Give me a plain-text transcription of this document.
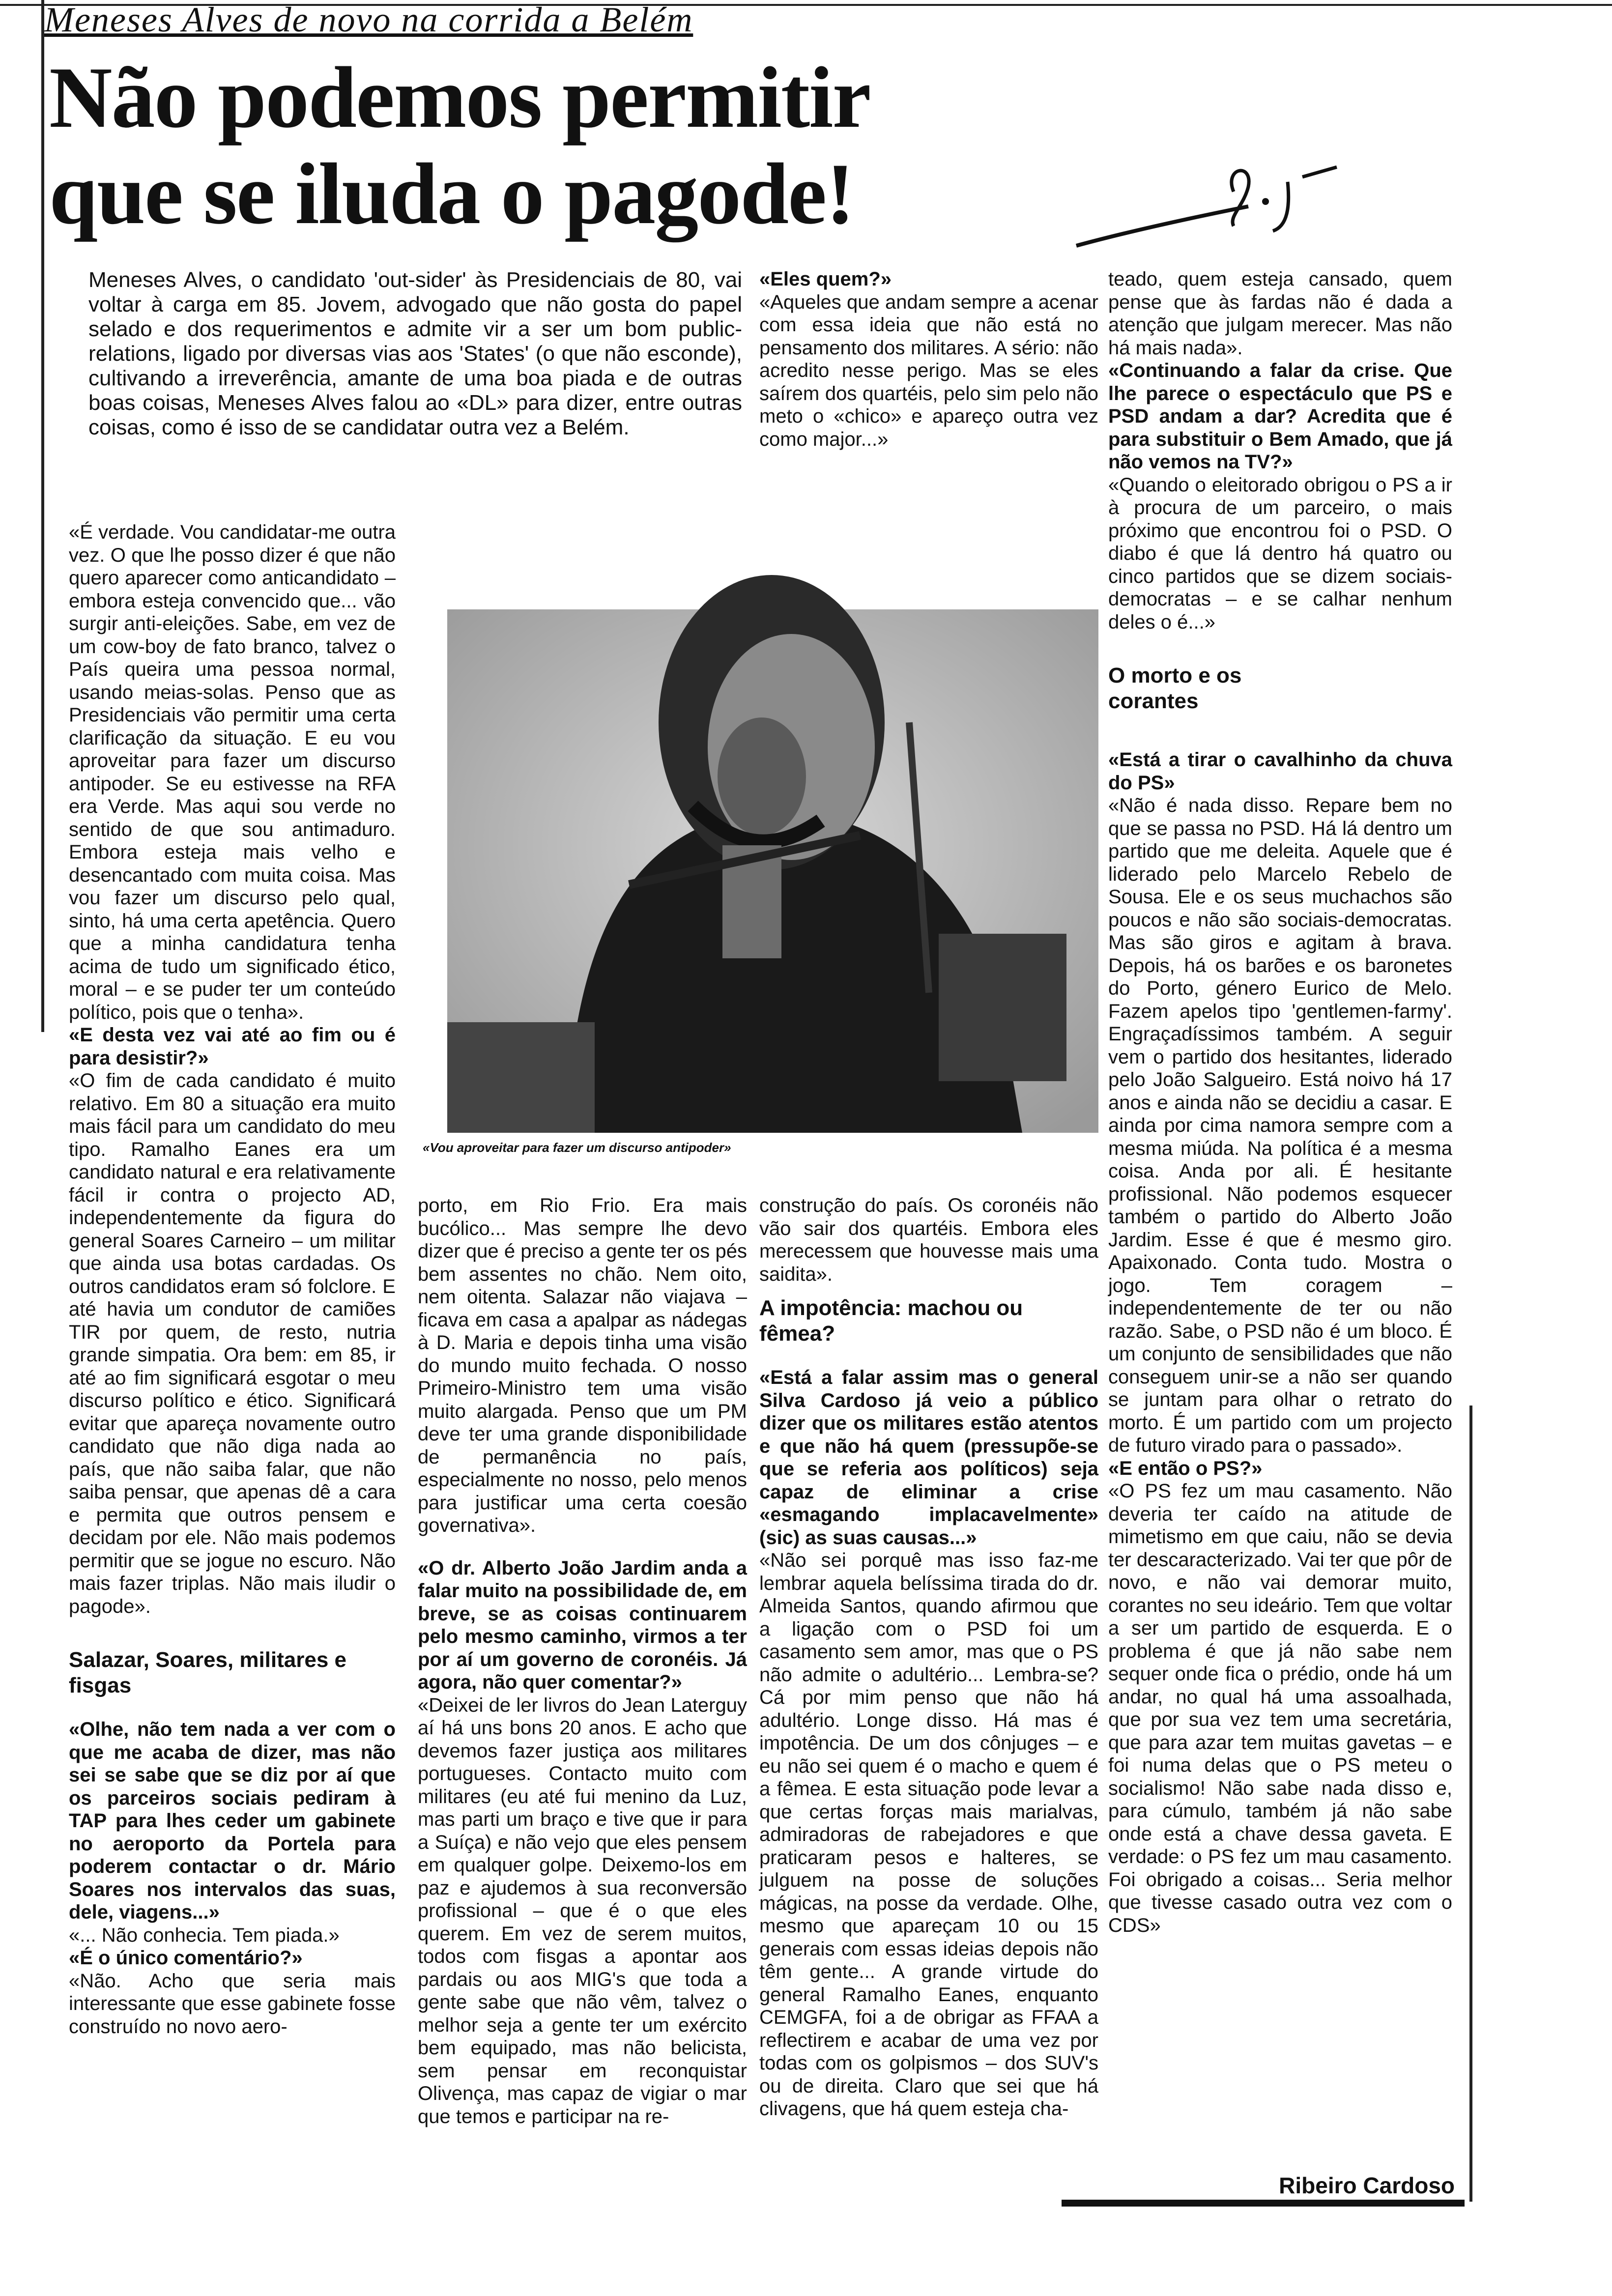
Meneses Alves de novo na corrida a Belém
Não podemos permitir
que se iluda o pagode!
Meneses Alves, o candidato 'out-sider' às Presidenciais de 80, vai voltar à carga em 85. Jovem, advogado que não gosta do papel selado e dos requerimentos e admite vir a ser um bom public-relations, ligado por diversas vias aos 'States' (o que não esconde), cultivando a irreverência, amante de uma boa piada e de outras boas coisas, Meneses Alves falou ao «DL» para dizer, entre outras coisas, como é isso de se candidatar outra vez a Belém.

«É verdade. Vou candidatar-me outra vez. O que lhe posso dizer é que não quero aparecer como anticandidato – embora esteja convencido que... vão surgir anti-eleições. Sabe, em vez de um cow-boy de fato branco, talvez o País queira uma pessoa normal, usando meias-solas. Penso que as Presidenciais vão permitir uma certa clarificação da situação. E eu vou aproveitar para fazer um discurso antipoder. Se eu estivesse na RFA era Verde. Mas aqui sou verde no sentido de que sou antimaduro. Embora esteja mais velho e desencantado com muita coisa. Mas vou fazer um discurso pelo qual, sinto, há uma certa apetência. Quero que a minha candidatura tenha acima de tudo um significado ético, moral – e se puder ter um conteúdo político, pois que o tenha».

«E desta vez vai até ao fim ou é para desistir?»

«O fim de cada candidato é muito relativo. Em 80 a situação era muito mais fácil para um candidato do meu tipo. Ramalho Eanes era um candidato natural e era relativamente fácil ir contra o projecto AD, independentemente da figura do general Soares Carneiro – um militar que ainda usa botas cardadas. Os outros candidatos eram só folclore. E até havia um condutor de camiões TIR por quem, de resto, nutria grande simpatia. Ora bem: em 85, ir até ao fim significará esgotar o meu discurso político e ético. Significará evitar que apareça novamente outro candidato que não diga nada ao país, que não saiba falar, que não saiba pensar, que apenas dê a cara e permita que outros pensem e decidam por ele. Não mais podemos permitir que se jogue no escuro. Não mais fazer triplas. Não mais iludir o pagode».

Salazar, Soares, militares e fisgas

«Olhe, não tem nada a ver com o que me acaba de dizer, mas não sei se sabe que se diz por aí que os parceiros sociais pediram à TAP para lhes ceder um gabinete no aeroporto da Portela para poderem contactar o dr. Mário Soares nos intervalos das suas, dele, viagens...»

«... Não conhecia. Tem piada.»

«É o único comentário?»

«Não. Acho que seria mais interessante que esse gabinete fosse construído no novo aero-

«Eles quem?»

«Aqueles que andam sempre a acenar com essa ideia que não está no pensamento dos militares. A sério: não acredito nesse perigo. Mas se eles saírem dos quartéis, pelo sim pelo não meto o «chico» e apareço outra vez como major...»

teado, quem esteja cansado, quem pense que às fardas não é dada a atenção que julgam merecer. Mas não há mais nada».

«Continuando a falar da crise. Que lhe parece o espectáculo que PS e PSD andam a dar? Acredita que é para substituir o Bem Amado, que já não vemos na TV?»

«Quando o eleitorado obrigou o PS a ir à procura de um parceiro, o mais próximo que encontrou foi o PSD. O diabo é que lá dentro há quatro ou cinco partidos que se dizem sociais-democratas – e se calhar nenhum deles o é...»

O morto e os corantes

«Está a tirar o cavalhinho da chuva do PS»

«Não é nada disso. Repare bem no que se passa no PSD. Há lá dentro um partido que me deleita. Aquele que é liderado pelo Marcelo Rebelo de Sousa. Ele e os seus muchachos são poucos e não são sociais-democratas. Mas são giros e agitam à brava. Depois, há os barões e os baronetes do Porto, género Eurico de Melo. Fazem apelos tipo 'gentlemen-farmy'. Engraçadíssimos também. A seguir vem o partido dos hesitantes, liderado pelo João Salgueiro. Está noivo há 17 anos e ainda não se decidiu a casar. E ainda por cima namora sempre com a mesma miúda. Na política é a mesma coisa. Anda por ali. É hesitante profissional. Não podemos esquecer também o partido do Alberto João Jardim. Esse é que é mesmo giro. Apaixonado. Conta tudo. Mostra o jogo. Tem coragem – independentemente de ter ou não razão. Sabe, o PSD não é um bloco. É um conjunto de sensibilidades que não conseguem unir-se a não ser quando se juntam para olhar o retrato do morto. É um partido com um projecto de futuro virado para o passado».

«E então o PS?»

«O PS fez um mau casamento. Não deveria ter caído na atitude de mimetismo em que caiu, não se devia ter descaracterizado. Vai ter que pôr de novo, e não vai demorar muito, corantes no seu ideário. Tem que voltar a ser um partido de esquerda. E o problema é que já não sabe nem sequer onde fica o prédio, onde há um andar, no qual há uma assoalhada, que por sua vez tem uma secretária, que para azar tem muitas gavetas – e foi numa delas que o PS meteu o socialismo! Não sabe nada disso e, para cúmulo, também já não sabe onde está a chave dessa gaveta. E verdade: o PS fez um mau casamento. Foi obrigado a coisas... Seria melhor que tivesse casado outra vez com o CDS»

«Vou aproveitar para fazer um discurso antipoder»

porto, em Rio Frio. Era mais bucólico... Mas sempre lhe devo dizer que é preciso a gente ter os pés bem assentes no chão. Nem oito, nem oitenta. Salazar não viajava – ficava em casa a apalpar as nádegas à D. Maria e depois tinha uma visão do mundo muito fechada. O nosso Primeiro-Ministro tem uma visão muito alargada. Penso que um PM deve ter uma grande disponibilidade de permanência no país, especialmente no nosso, pelo menos para justificar uma certa coesão governativa».

«O dr. Alberto João Jardim anda a falar muito na possibilidade de, em breve, se as coisas continuarem pelo mesmo caminho, virmos a ter por aí um governo de coronéis. Já agora, não quer comentar?»

«Deixei de ler livros do Jean Laterguy aí há uns bons 20 anos. E acho que devemos fazer justiça aos militares portugueses. Contacto muito com militares (eu até fui menino da Luz, mas parti um braço e tive que ir para a Suíça) e não vejo que eles pensem em qualquer golpe. Deixemo-los em paz e ajudemos à sua reconversão profissional – que é o que eles querem. Em vez de serem muitos, todos com fisgas a apontar aos pardais ou aos MIG's que toda a gente sabe que não vêm, talvez o melhor seja a gente ter um exército bem equipado, mas não belicista, sem pensar em reconquistar Olivença, mas capaz de vigiar o mar que temos e participar na re-

construção do país. Os coronéis não vão sair dos quartéis. Embora eles merecessem que houvesse mais uma saidita».

A impotência: machou ou fêmea?

«Está a falar assim mas o general Silva Cardoso já veio a público dizer que os militares estão atentos e que não há quem (pressupõe-se que se referia aos políticos) seja capaz de eliminar a crise «esmagando implacavelmente» (sic) as suas causas...»

«Não sei porquê mas isso faz-me lembrar aquela belíssima tirada do dr. Almeida Santos, quando afirmou que a ligação com o PSD foi um casamento sem amor, mas que o PS não admite o adultério... Lembra-se? Cá por mim penso que não há adultério. Longe disso. Há mas é impotência. De um dos cônjuges – e eu não sei quem é o macho e quem é a fêmea. E esta situação pode levar a que certas forças mais marialvas, admiradoras de rabejadores e que praticaram pesos e halteres, se julguem na posse de soluções mágicas, na posse da verdade. Olhe, mesmo que apareçam 10 ou 15 generais com essas ideias depois não têm gente... A grande virtude do general Ramalho Eanes, enquanto CEMGFA, foi a de obrigar as FFAA a reflectirem e acabar de uma vez por todas com os golpismos – dos SUV's ou de direita. Claro que sei que há clivagens, que há quem esteja cha-

Ribeiro Cardoso
